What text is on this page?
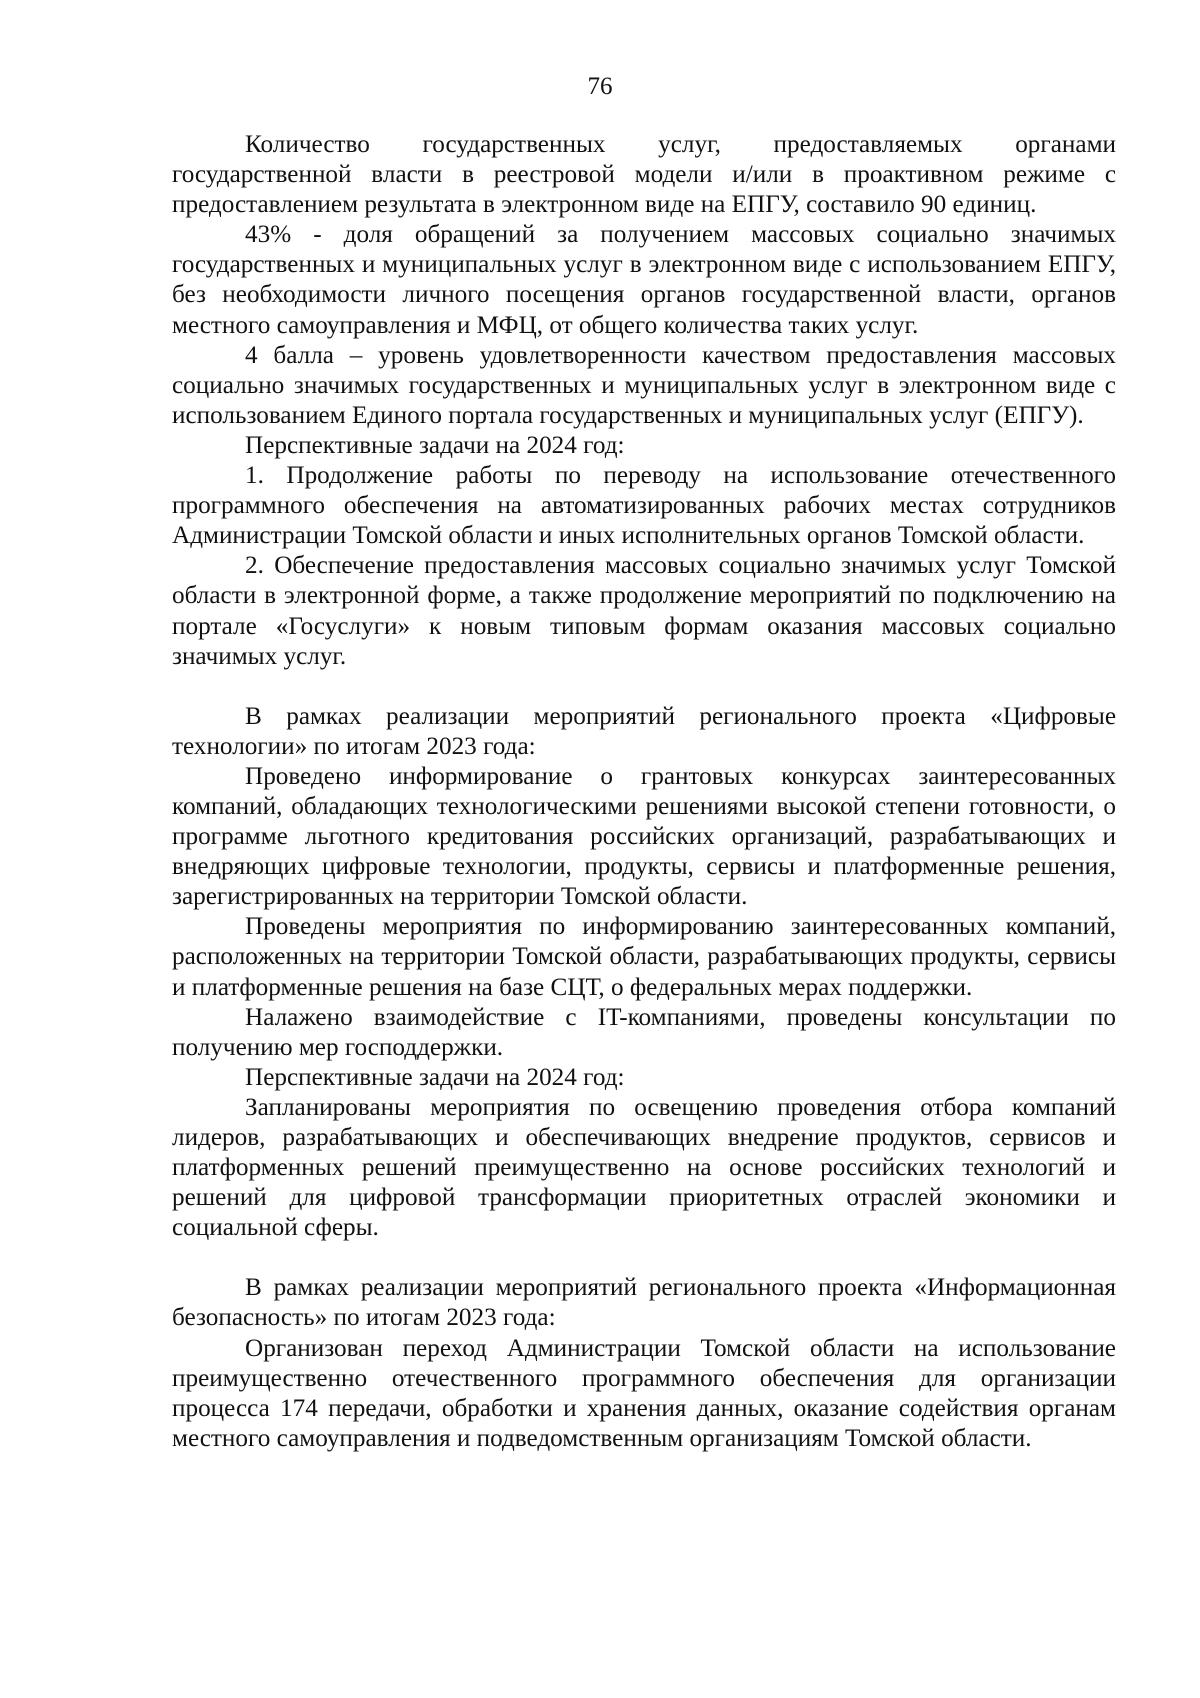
76

Количество государственных услуг, предоставляемых органами государственной власти в реестровой модели и/или в проактивном режиме с предоставлением результата в электронном виде на ЕПГУ, составило 90 единиц.

43% - доля обращений за получением массовых социально значимых государственных и муниципальных услуг в электронном виде с использованием ЕПГУ, без необходимости личного посещения органов государственной власти, органов местного самоуправления и МФЦ, от общего количества таких услуг.

4 балла – уровень удовлетворенности качеством предоставления массовых социально значимых государственных и муниципальных услуг в электронном виде с использованием Единого портала государственных и муниципальных услуг (ЕПГУ).

Перспективные задачи на 2024 год:

1. Продолжение работы по переводу на использование отечественного программного обеспечения на автоматизированных рабочих местах сотрудников Администрации Томской области и иных исполнительных органов Томской области.

2. Обеспечение предоставления массовых социально значимых услуг Томской области в электронной форме, а также продолжение мероприятий по подключению на портале «Госуслуги» к новым типовым формам оказания массовых социально значимых услуг.

В рамках реализации мероприятий регионального проекта «Цифровые технологии» по итогам 2023 года:

Проведено информирование о грантовых конкурсах заинтересованных компаний, обладающих технологическими решениями высокой степени готовности, о программе льготного кредитования российских организаций, разрабатывающих и внедряющих цифровые технологии, продукты, сервисы и платформенные решения, зарегистрированных на территории Томской области.

Проведены мероприятия по информированию заинтересованных компаний, расположенных на территории Томской области, разрабатывающих продукты, сервисы и платформенные решения на базе СЦТ, о федеральных мерах поддержки.

Налажено взаимодействие с IT-компаниями, проведены консультации по получению мер господдержки.

Перспективные задачи на 2024 год:

Запланированы мероприятия по освещению проведения отбора компаний лидеров, разрабатывающих и обеспечивающих внедрение продуктов, сервисов и платформенных решений преимущественно на основе российских технологий и решений для цифровой трансформации приоритетных отраслей экономики и социальной сферы.

В рамках реализации мероприятий регионального проекта «Информационная безопасность» по итогам 2023 года:

Организован переход Администрации Томской области на использование преимущественно отечественного программного обеспечения для организации процесса 174 передачи, обработки и хранения данных, оказание содействия органам местного самоуправления и подведомственным организациям Томской области.
